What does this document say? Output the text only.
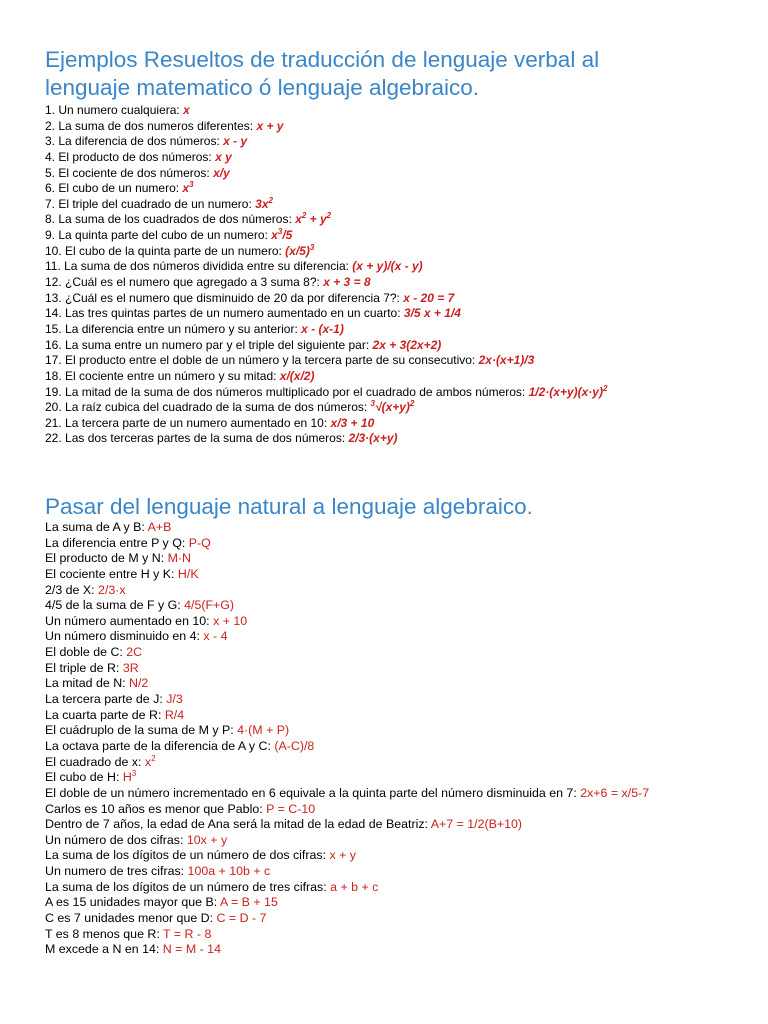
Ejemplos Resueltos de traducción de lenguaje verbal al
lenguaje matematico ó lenguaje algebraico.
1. Un numero cualquiera: x
2. La suma de dos numeros diferentes: x + y
3. La diferencia de dos números: x - y
4. El producto de dos números: x y
5. El cociente de dos números: x/y
6. El cubo de un numero: $x^3$
7. El triple del cuadrado de un numero: $3x^2$
8. La suma de los cuadrados de dos números: $x^2 + y^2$
9. La quinta parte del cubo de un numero: $x^3/5$
10. El cubo de la quinta parte de un numero: $(x/5)^3$
11. La suma de dos números dividida entre su diferencia: (x + y)/(x - y)
12. ¿Cuál es el numero que agregado a 3 suma 8?: x + 3 = 8
13. ¿Cuál es el numero que disminuido de 20 da por diferencia 7?: x - 20 = 7
14. Las tres quintas partes de un numero aumentado en un cuarto: 3/5 x + 1/4
15. La diferencia entre un número y su anterior: x - (x-1)
16. La suma entre un numero par y el triple del siguiente par: 2x + 3(2x+2)
17. El producto entre el doble de un número y la tercera parte de su consecutivo: 2x·(x+1)/3
18. El cociente entre un número y su mitad: x/(x/2)
19. La mitad de la suma de dos números multiplicado por el cuadrado de ambos números: $1/2\cdot(x+y)(x\cdot y)^2$
20. La raíz cubica del cuadrado de la suma de dos números: $^3√(x+y)^2$
21. La tercera parte de un numero aumentado en 10: x/3 + 10
22. Las dos terceras partes de la suma de dos números: 2/3·(x+y)
Pasar del lenguaje natural a lenguaje algebraico.
La suma de A y B: A+B
La diferencia entre P y Q: P-Q
El producto de M y N: M·N
El cociente entre H y K: H/K
2/3 de X: 2/3·x
4/5 de la suma de F y G: 4/5(F+G)
Un número aumentado en 10: x + 10
Un número disminuido en 4: x - 4
El doble de C: 2C
El triple de R: 3R
La mitad de N: N/2
La tercera parte de J: J/3
La cuarta parte de R: R/4
El cuádruplo de la suma de M y P: 4·(M + P)
La octava parte de la diferencia de A y C: (A-C)/8
El cuadrado de x: $x^2$
El cubo de H: $H^3$
El doble de un número incrementado en 6 equivale a la quinta parte del número disminuida en 7: 2x+6 = x/5-7
Carlos es 10 años es menor que Pablo: P = C-10
Dentro de 7 años, la edad de Ana será la mitad de la edad de Beatriz: A+7 = 1/2(B+10)
Un número de dos cifras: 10x + y
La suma de los dígitos de un número de dos cifras: x + y
Un numero de tres cifras: 100a + 10b + c
La suma de los dígitos de un número de tres cifras: a + b + c
A es 15 unidades mayor que B: A = B + 15
C es 7 unidades menor que D: C = D - 7
T es 8 menos que R: T = R - 8
M excede a N en 14: N = M - 14
